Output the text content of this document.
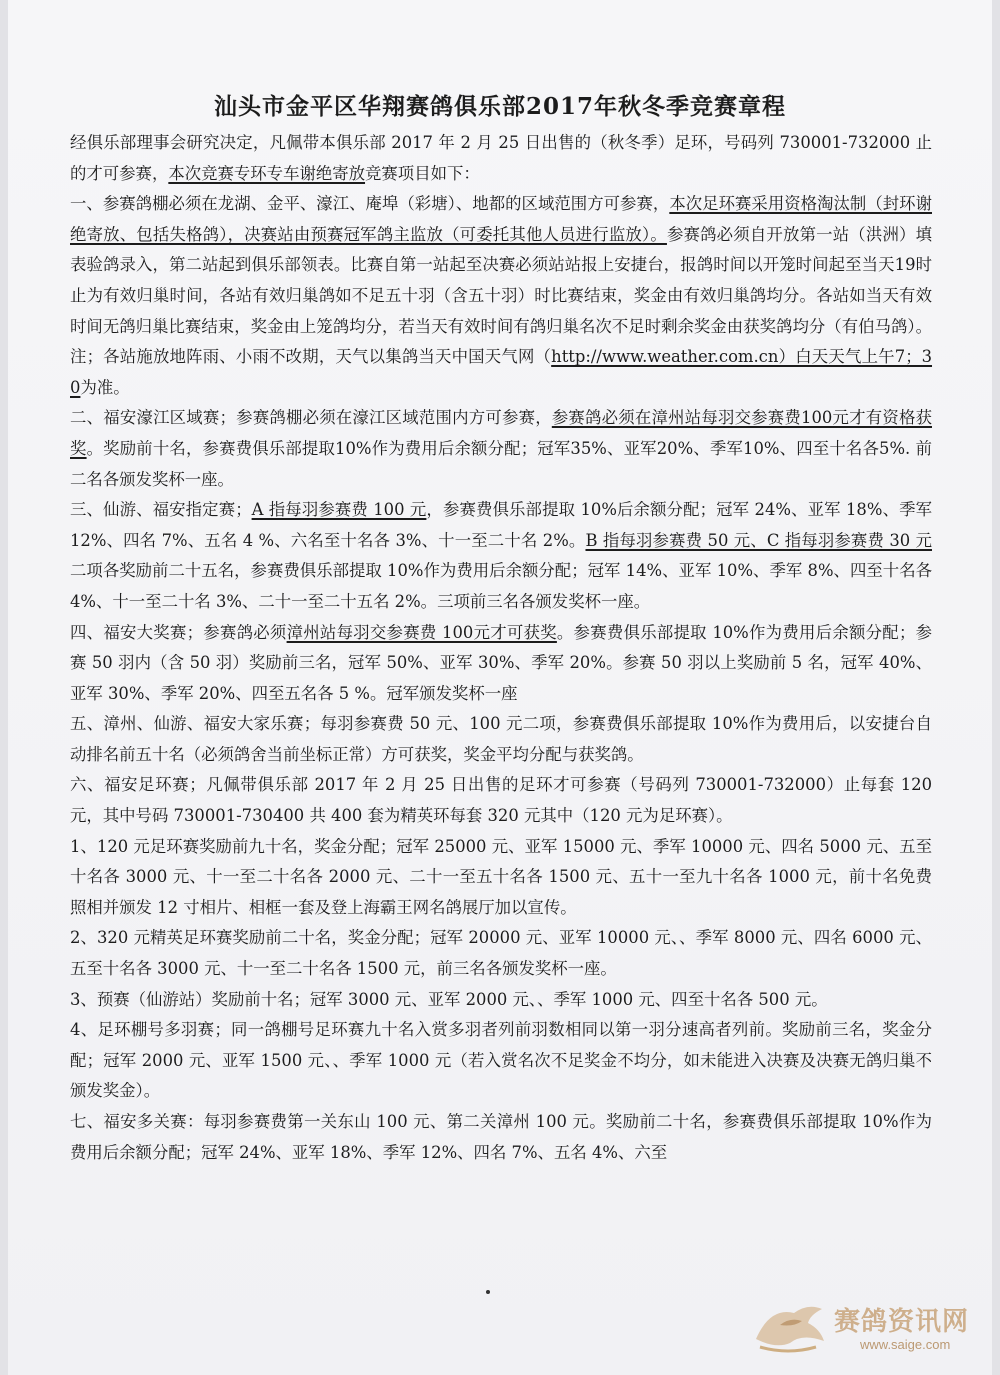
汕头市金平区华翔赛鸽俱乐部2017年秋冬季竞赛章程

经俱乐部理事会研究决定，凡佩带本俱乐部 2017 年 2 月 25 日出售的（秋冬季）足环，号码列 730001-732000 止的才可参赛，本次竞赛专环专车谢绝寄放竞赛项目如下：

一、参赛鸽棚必须在龙湖、金平、濠江、庵埠（彩塘）、地都的区域范围方可参赛，本次足环赛采用资格淘汰制（封环谢绝寄放、包括失格鸽），决赛站由预赛冠军鸽主监放（可委托其他人员进行监放）。参赛鸽必须自开放第一站（洪洲）填表验鸽录入，第二站起到俱乐部领表。比赛自第一站起至决赛必须站站报上安捷台，报鸽时间以开笼时间起至当天19时止为有效归巢时间，各站有效归巢鸽如不足五十羽（含五十羽）时比赛结束，奖金由有效归巢鸽均分。各站如当天有效时间无鸽归巢比赛结束，奖金由上笼鸽均分，若当天有效时间有鸽归巢名次不足时剩余奖金由获奖鸽均分（有伯马鸽）。注；各站施放地阵雨、小雨不改期，天气以集鸽当天中国天气网（http://www.weather.com.cn）白天天气上午7；30为准。

二、福安濠江区域赛；参赛鸽棚必须在濠江区域范围内方可参赛，参赛鸽必须在漳州站每羽交参赛费100元才有资格获奖。奖励前十名，参赛费俱乐部提取10%作为费用后余额分配；冠军35%、亚军20%、季军10%、四至十名各5%. 前二名各颁发奖杯一座。

三、仙游、福安指定赛；A 指每羽参赛费 100 元，参赛费俱乐部提取 10%后余额分配；冠军 24%、亚军 18%、季军 12%、四名 7%、五名 4 %、六名至十名各 3%、十一至二十名 2%。B 指每羽参赛费 50 元、C 指每羽参赛费 30 元二项各奖励前二十五名，参赛费俱乐部提取 10%作为费用后余额分配；冠军 14%、亚军 10%、季军 8%、四至十名各 4%、十一至二十名 3%、二十一至二十五名 2%。三项前三名各颁发奖杯一座。

四、福安大奖赛；参赛鸽必须漳州站每羽交参赛费 100元才可获奖。参赛费俱乐部提取 10%作为费用后余额分配；参赛 50 羽内（含 50 羽）奖励前三名，冠军 50%、亚军 30%、季军 20%。参赛 50 羽以上奖励前 5 名，冠军 40%、亚军 30%、季军 20%、四至五名各 5 %。冠军颁发奖杯一座

五、漳州、仙游、福安大家乐赛；每羽参赛费 50 元、100 元二项，参赛费俱乐部提取 10%作为费用后，以安捷台自动排名前五十名（必须鸽舍当前坐标正常）方可获奖，奖金平均分配与获奖鸽。

六、福安足环赛；凡佩带俱乐部 2017 年 2 月 25 日出售的足环才可参赛（号码列 730001-732000）止每套 120 元，其中号码 730001-730400 共 400 套为精英环每套 320 元其中（120 元为足环赛）。

1、120 元足环赛奖励前九十名，奖金分配；冠军 25000 元、亚军 15000 元、季军 10000 元、四名 5000 元、五至十名各 3000 元、十一至二十名各 2000 元、二十一至五十名各 1500 元、五十一至九十名各 1000 元，前十名免费照相并颁发 12 寸相片、相框一套及登上海霸王网名鸽展厅加以宣传。

2、320 元精英足环赛奖励前二十名，奖金分配；冠军 20000 元、亚军 10000 元、、季军 8000 元、四名 6000 元、五至十名各 3000 元、十一至二十名各 1500 元，前三名各颁发奖杯一座。

3、预赛（仙游站）奖励前十名；冠军 3000 元、亚军 2000 元、、季军 1000 元、四至十名各 500 元。

4、足环棚号多羽赛；同一鸽棚号足环赛九十名入赏多羽者列前羽数相同以第一羽分速高者列前。奖励前三名，奖金分配；冠军 2000 元、亚军 1500 元、、季军 1000 元（若入赏名次不足奖金不均分，如未能进入决赛及决赛无鸽归巢不颁发奖金）。

七、福安多关赛：每羽参赛费第一关东山 100 元、第二关漳州 100 元。奖励前二十名，参赛费俱乐部提取 10%作为费用后余额分配；冠军 24%、亚军 18%、季军 12%、四名 7%、五名 4%、六至

赛鸽资讯网
www.saige.com
